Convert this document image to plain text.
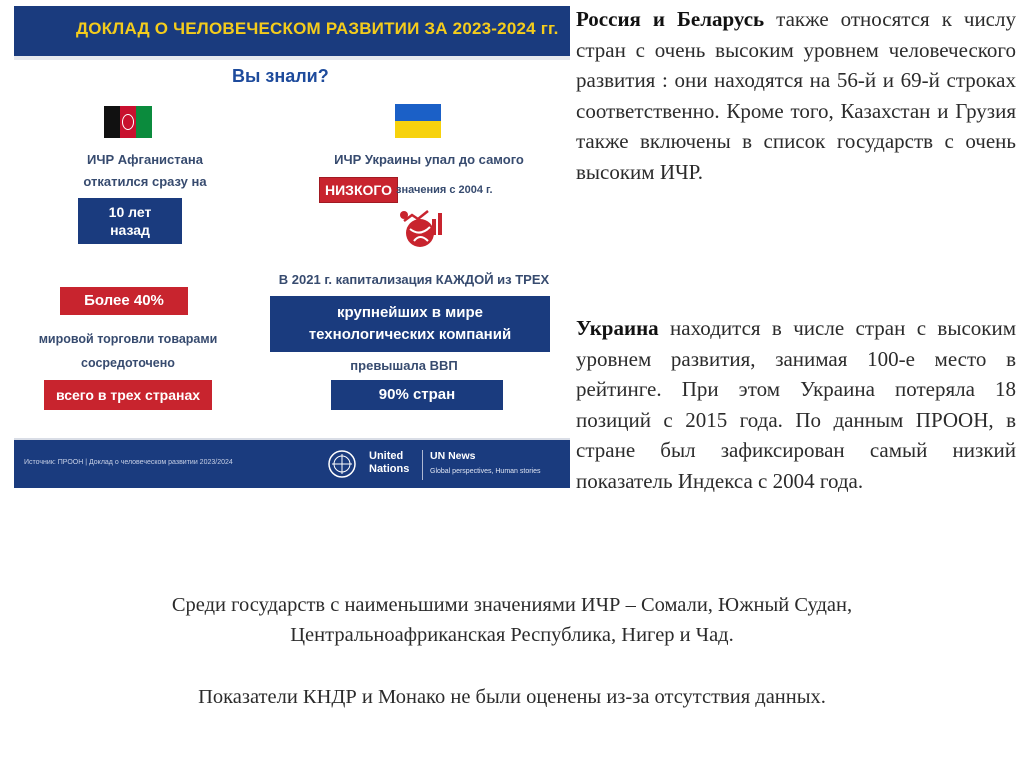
ДОКЛАД О ЧЕЛОВЕЧЕСКОМ РАЗВИТИИ ЗА 2023-2024 гг.
Вы знали?
ИЧР Афганистана
откатился сразу на
10 лет
назад
ИЧР Украины упал до самого
НИЗКОГО значения с 2004 г.
В 2021 г. капитализация КАЖДОЙ из ТРЕХ
крупнейших в мире
технологических компаний
превышала ВВП
90% стран
Более 40%
мировой торговли товарами
сосредоточено
всего в трех странах
Источник: ПРООН | Доклад о человеческом развитии 2023/2024
United
Nations
UN News
Global perspectives, Human stories
Россия и Беларусь также относятся к числу стран с очень высоким уровнем человеческого развития : они находятся на 56-й и 69-й строках соответственно. Кроме того, Казахстан и Грузия также включены в список государств с очень высоким ИЧР.
Украина находится в числе стран с высоким уровнем развития, занимая 100-е место в рейтинге. При этом Украина потеряла 18 позиций с 2015 года. По данным ПРООН, в стране был зафиксирован самый низкий показатель Индекса с 2004 года.
Среди государств с наименьшими значениями ИЧР – Сомали, Южный Судан,
Центральноафриканская Республика, Нигер и Чад.
Показатели КНДР и Монако не были оценены из-за отсутствия данных.
